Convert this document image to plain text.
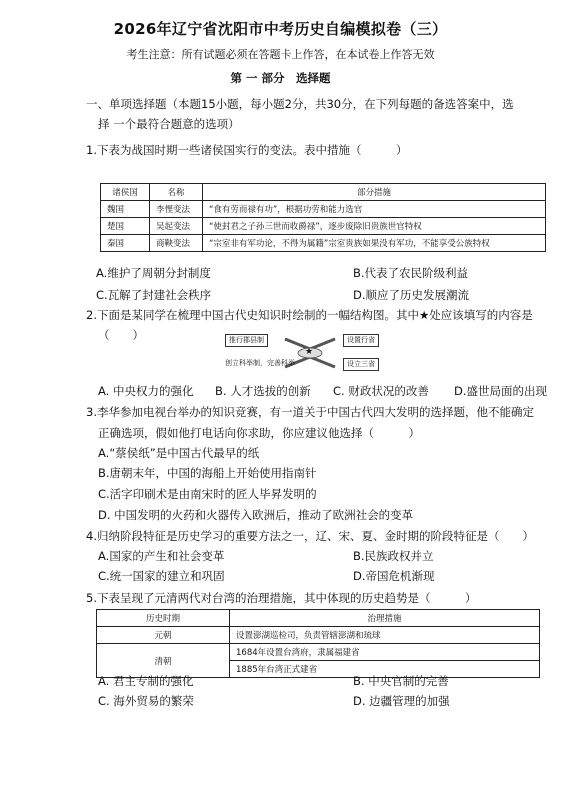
2026年辽宁省沈阳市中考历史自编模拟卷（三）
考生注意：所有试题必须在答题卡上作答，在本试卷上作答无效
第 一 部分　选择题
一、单项选择题（本题15小题，每小题2分，共30分，在下列每题的备选答案中，选
择 一个最符合题意的选项）
1.下表为战国时期一些诸侯国实行的变法。表中措施（　　　）
诸侯国	名称	部分措施
魏国	李悝变法	“食有劳而禄有功”，根据功劳和能力选官
楚国	吴起变法	“使封君之子孙三世而收爵禄”，逐步废除旧贵族世官特权
秦国	商鞅变法	“宗室非有军功论，不得为属籍”宗室贵族如果没有军功，不能享受公族特权
A.维护了周朝分封制度	B.代表了农民阶级利益
C.瓦解了封建社会秩序	D.顺应了历史发展潮流
2.下面是某同学在梳理中国古代史知识时绘制的一幅结构图。其中★处应该填写的内容是
（　　）	推行郡县制
创立科举制，完善科举
★
设置行省
设立三省
A. 中央权力的强化 B. 人才选拔的创新 C. 财政状况的改善 D.盛世局面的出现
3.李华参加电视台举办的知识竞赛，有一道关于中国古代四大发明的选择题，他不能确定
正确选项，假如他打电话向你求助，你应建议他选择（　　　）
A.“蔡侯纸”是中国古代最早的纸
B.唐朝末年，中国的海船上开始使用指南针
C.活字印刷术是由南宋时的匠人毕昇发明的
D. 中国发明的火药和火器传入欧洲后，推动了欧洲社会的变革
4.归纳阶段特征是历史学习的重要方法之一，辽、宋、夏、金时期的阶段特征是（　　）
A.国家的产生和社会变革	B.民族政权并立
C.统一国家的建立和巩固	D.帝国危机渐现
5.下表呈现了元清两代对台湾的治理措施，其中体现的历史趋势是（　　　）
历史时期	治理措施
元朝	设置澎湖巡检司，负责管辖澎湖和琉球
清朝	1684年设置台湾府，隶属福建省
	1885年台湾正式建省
A. 君主专制的强化	B. 中央官制的完善
C. 海外贸易的繁荣	D. 边疆管理的加强
